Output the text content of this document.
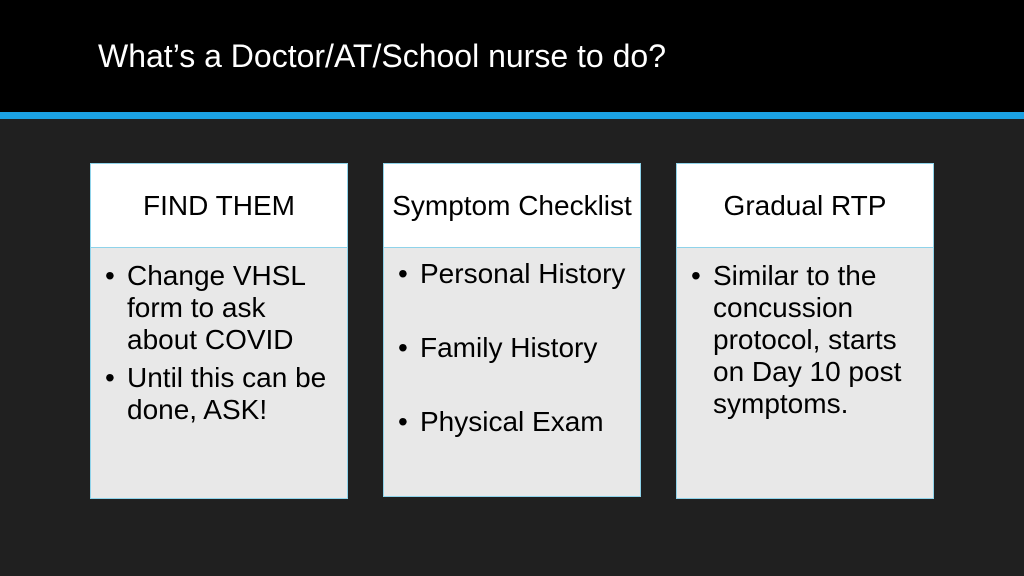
What’s a Doctor/AT/School nurse to do?
FIND THEM
• Change VHSL form to ask about COVID
• Until this can be done, ASK!
Symptom Checklist
• Personal History
• Family History
• Physical Exam
Gradual RTP
• Similar to the concussion protocol, starts on Day 10 post symptoms.
